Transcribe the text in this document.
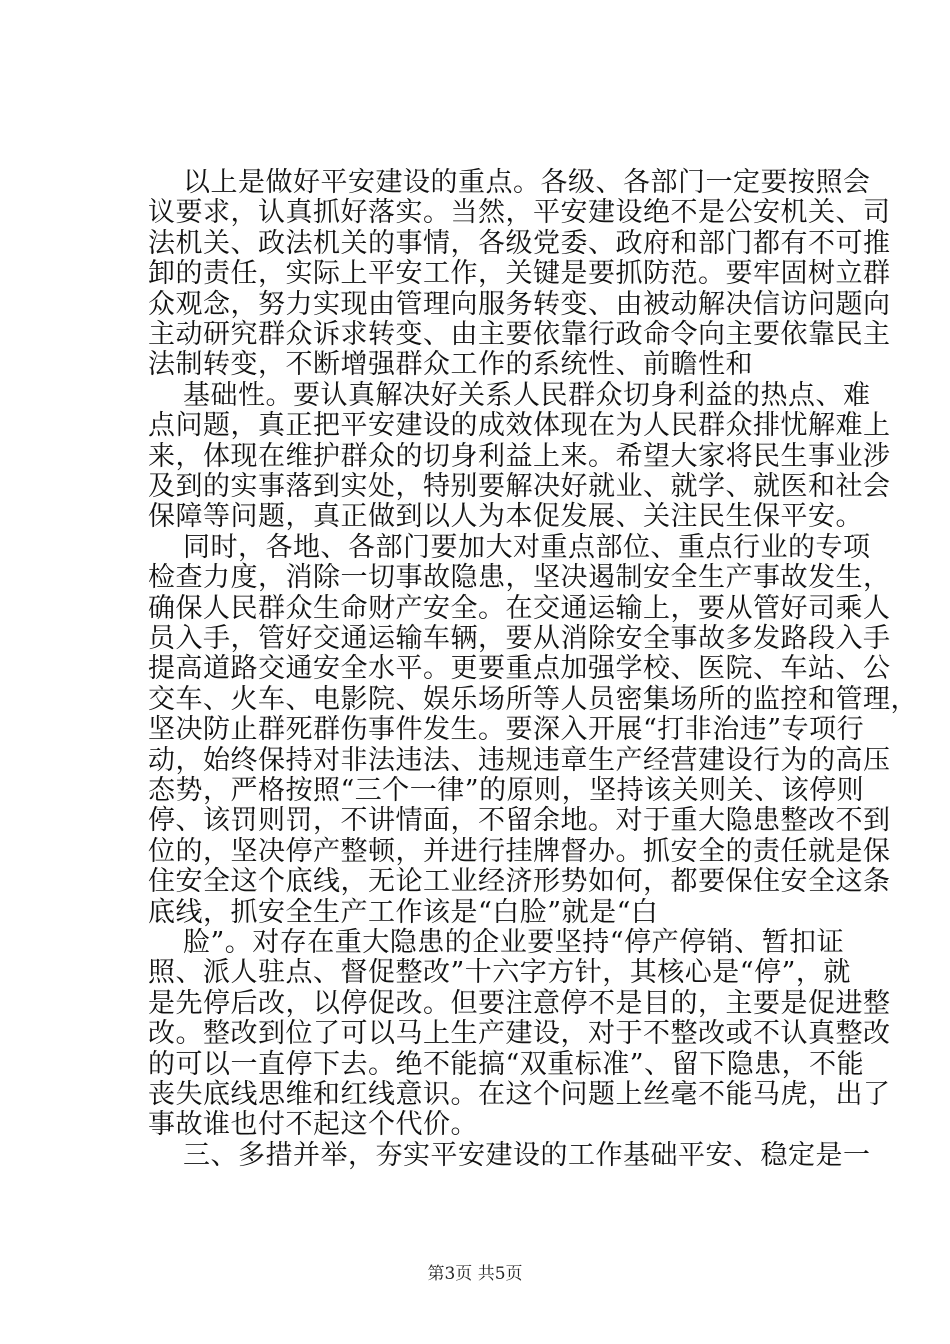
以上是做好平安建设的重点。各级、各部门一定要按照会
议要求，认真抓好落实。当然，平安建设绝不是公安机关、司
法机关、政法机关的事情，各级党委、政府和部门都有不可推
卸的责任，实际上平安工作，关键是要抓防范。要牢固树立群
众观念，努力实现由管理向服务转变、由被动解决信访问题向
主动研究群众诉求转变、由主要依靠行政命令向主要依靠民主
法制转变，不断增强群众工作的系统性、前瞻性和
基础性。要认真解决好关系人民群众切身利益的热点、难
点问题，真正把平安建设的成效体现在为人民群众排忧解难上
来，体现在维护群众的切身利益上来。希望大家将民生事业涉
及到的实事落到实处，特别要解决好就业、就学、就医和社会
保障等问题，真正做到以人为本促发展、关注民生保平安。
同时，各地、各部门要加大对重点部位、重点行业的专项
检查力度，消除一切事故隐患，坚决遏制安全生产事故发生，
确保人民群众生命财产安全。在交通运输上，要从管好司乘人
员入手，管好交通运输车辆，要从消除安全事故多发路段入手
提高道路交通安全水平。更要重点加强学校、医院、车站、公
交车、火车、电影院、娱乐场所等人员密集场所的监控和管理，
坚决防止群死群伤事件发生。要深入开展“打非治违”专项行
动，始终保持对非法违法、违规违章生产经营建设行为的高压
态势，严格按照“三个一律”的原则，坚持该关则关、该停则
停、该罚则罚，不讲情面，不留余地。对于重大隐患整改不到
位的，坚决停产整顿，并进行挂牌督办。抓安全的责任就是保
住安全这个底线，无论工业经济形势如何，都要保住安全这条
底线，抓安全生产工作该是“白脸”就是“白
脸”。对存在重大隐患的企业要坚持“停产停销、暂扣证
照、派人驻点、督促整改”十六字方针，其核心是“停”，就
是先停后改，以停促改。但要注意停不是目的，主要是促进整
改。整改到位了可以马上生产建设，对于不整改或不认真整改
的可以一直停下去。绝不能搞“双重标准”、留下隐患，不能
丧失底线思维和红线意识。在这个问题上丝毫不能马虎，出了
事故谁也付不起这个代价。
三、多措并举，夯实平安建设的工作基础平安、稳定是一
第3页 共5页
